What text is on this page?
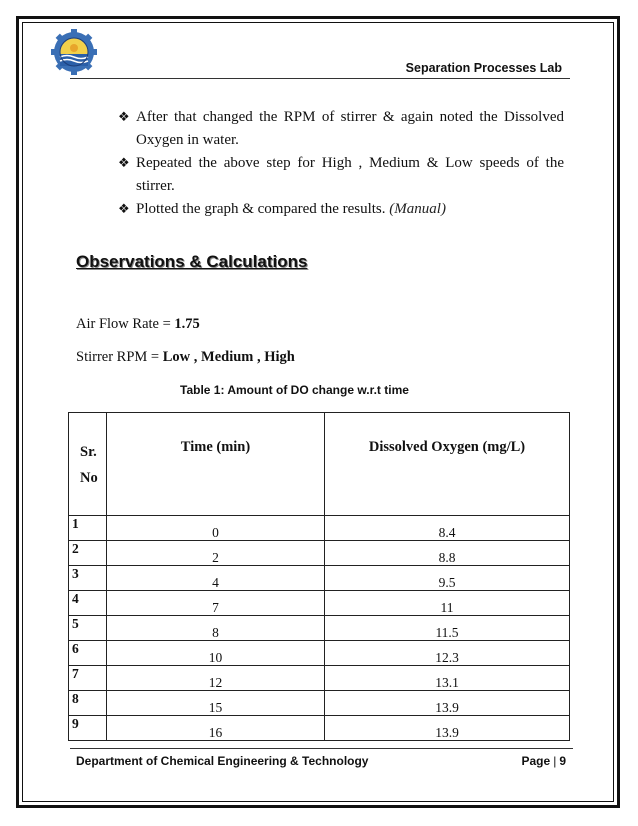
Separation Processes Lab
❖ After that changed the RPM of stirrer & again noted the Dissolved Oxygen in water.
❖ Repeated the above step for High , Medium & Low speeds of the stirrer.
❖ Plotted the graph & compared the results. (Manual)
Observations & Calculations
Air Flow Rate = 1.75
Stirrer RPM = Low , Medium , High
Table 1: Amount of DO change w.r.t time
Sr.
No	Time (min)	Dissolved Oxygen (mg/L)
1	0	8.4
2	2	8.8
3	4	9.5
4	7	11
5	8	11.5
6	10	12.3
7	12	13.1
8	15	13.9
9	16	13.9
Department of Chemical Engineering & Technology	Page | 9
